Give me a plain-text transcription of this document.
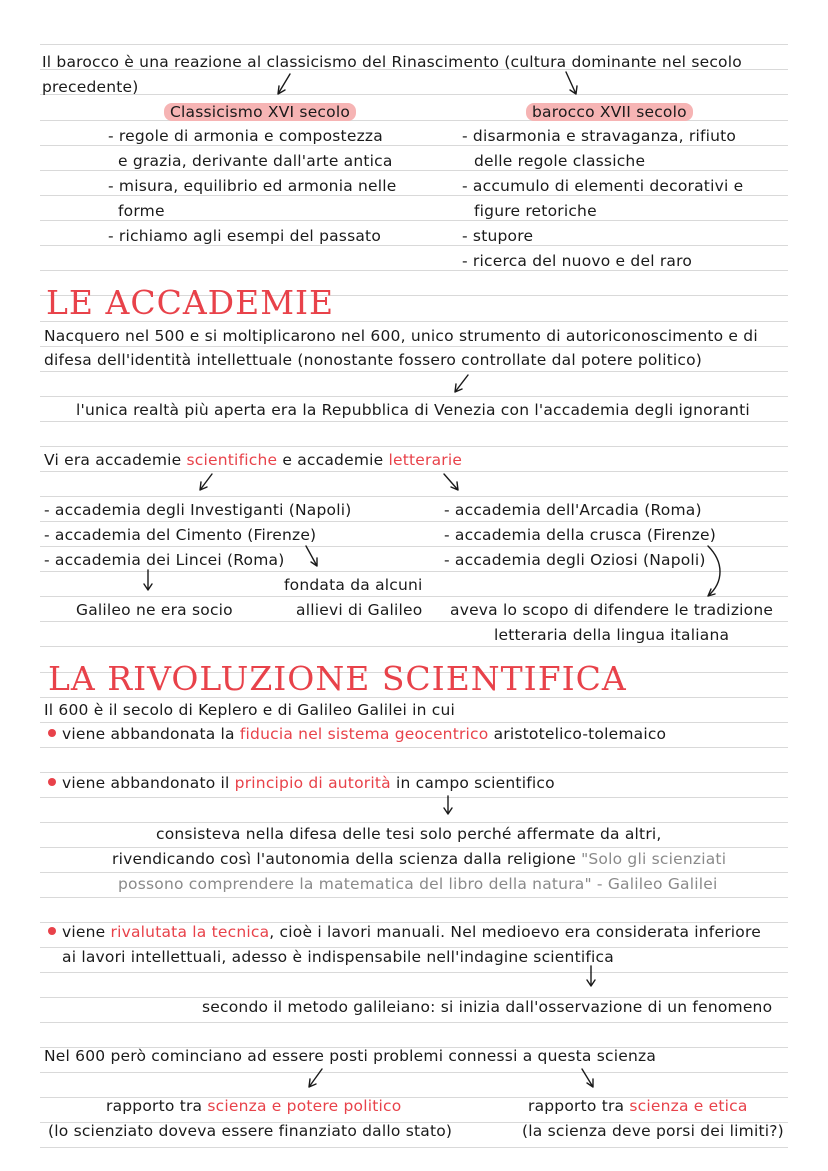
Il barocco è una reazione al classicismo del Rinascimento (cultura dominante nel secolo
precedente)
Classicismo XVI secolo
- regole di armonia e compostezza
e grazia, derivante dall'arte antica
- misura, equilibrio ed armonia nelle
forme
- richiamo agli esempi del passato
barocco XVII secolo
- disarmonia e stravaganza, rifiuto
delle regole classiche
- accumulo di elementi decorativi e
figure retoriche
- stupore
- ricerca del nuovo e del raro
LE ACCADEMIE
Nacquero nel 500 e si moltiplicarono nel 600, unico strumento di autoriconoscimento e di
difesa dell'identità intellettuale (nonostante fossero controllate dal potere politico)
l'unica realtà più aperta era la Repubblica di Venezia con l'accademia degli ignoranti
Vi era accademie scientifiche e accademie letterarie
- accademia degli Investiganti (Napoli)
- accademia del Cimento (Firenze)
- accademia dei Lincei (Roma)
- accademia dell'Arcadia (Roma)
- accademia della crusca (Firenze)
- accademia degli Oziosi (Napoli)
Galileo ne era socio
fondata da alcuni
allievi di Galileo aveva lo scopo di difendere le tradizione
letteraria della lingua italiana
LA RIVOLUZIONE SCIENTIFICA
Il 600 è il secolo di Keplero e di Galileo Galilei in cui
viene abbandonata la fiducia nel sistema geocentrico aristotelico-tolemaico
viene abbandonato il principio di autorità in campo scientifico
consisteva nella difesa delle tesi solo perché affermate da altri,
rivendicando così l'autonomia della scienza dalla religione "Solo gli scienziati
possono comprendere la matematica del libro della natura" - Galileo Galilei
viene rivalutata la tecnica, cioè i lavori manuali. Nel medioevo era considerata inferiore
ai lavori intellettuali, adesso è indispensabile nell'indagine scientifica
secondo il metodo galileiano: si inizia dall'osservazione di un fenomeno
Nel 600 però cominciano ad essere posti problemi connessi a questa scienza
rapporto tra scienza e potere politico
(lo scienziato doveva essere finanziato dallo stato)
rapporto tra scienza e etica
(la scienza deve porsi dei limiti?)
